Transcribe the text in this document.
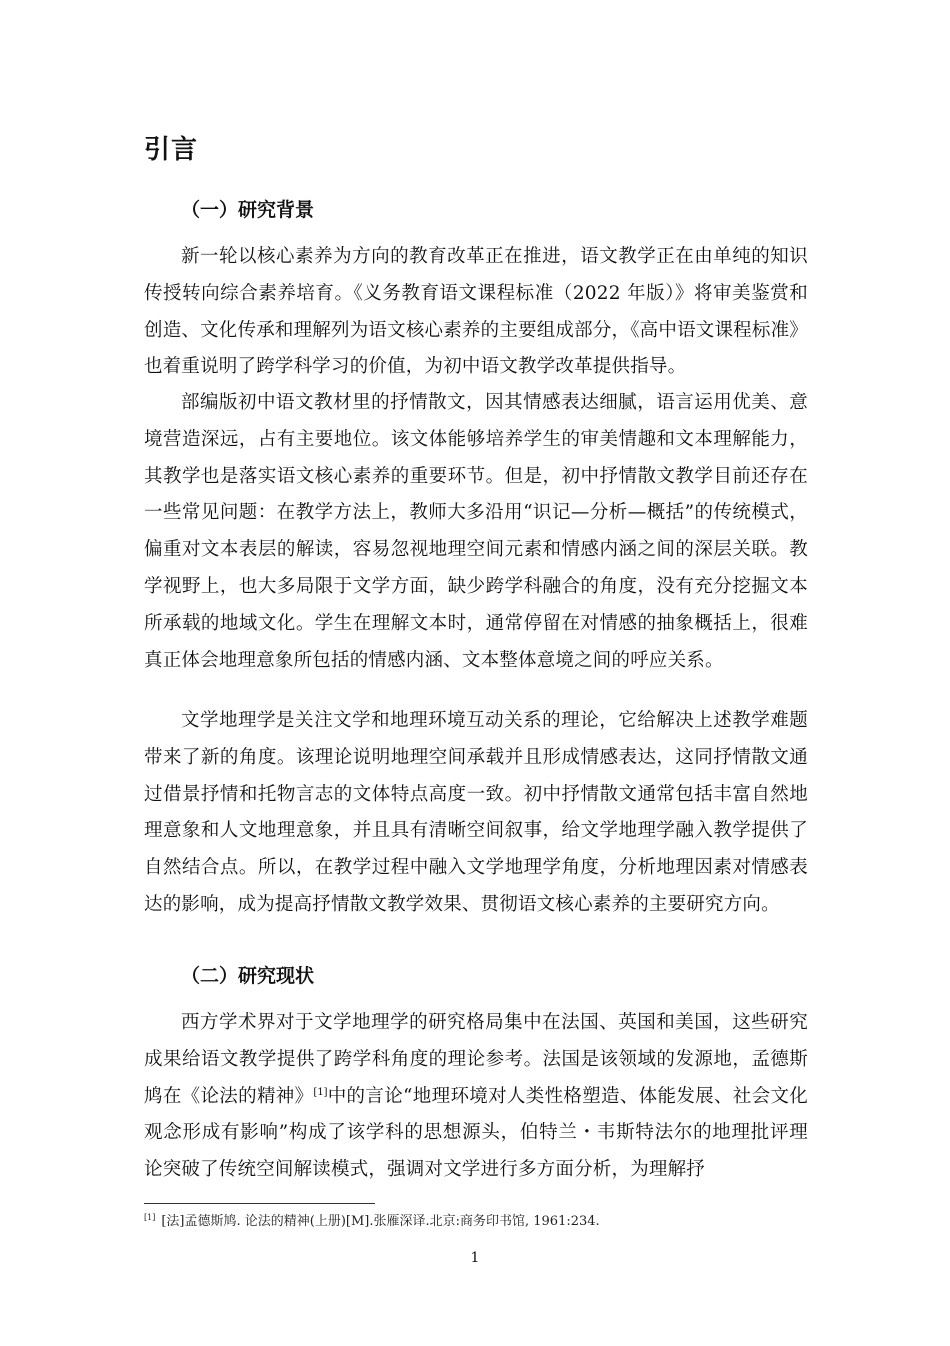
引言
（一）研究背景

新一轮以核心素养为方向的教育改革正在推进，语文教学正在由单纯的知识传授转向综合素养培育。《义务教育语文课程标准（2022 年版）》将审美鉴赏和创造、文化传承和理解列为语文核心素养的主要组成部分，《高中语文课程标准》也着重说明了跨学科学习的价值，为初中语文教学改革提供指导。

部编版初中语文教材里的抒情散文，因其情感表达细腻，语言运用优美、意境营造深远，占有主要地位。该文体能够培养学生的审美情趣和文本理解能力，其教学也是落实语文核心素养的重要环节。但是，初中抒情散文教学目前还存在一些常见问题：在教学方法上，教师大多沿用“识记—分析—概括”的传统模式，偏重对文本表层的解读，容易忽视地理空间元素和情感内涵之间的深层关联。教学视野上，也大多局限于文学方面，缺少跨学科融合的角度，没有充分挖掘文本所承载的地域文化。学生在理解文本时，通常停留在对情感的抽象概括上，很难真正体会地理意象所包括的情感内涵、文本整体意境之间的呼应关系。

文学地理学是关注文学和地理环境互动关系的理论，它给解决上述教学难题带来了新的角度。该理论说明地理空间承载并且形成情感表达，这同抒情散文通过借景抒情和托物言志的文体特点高度一致。初中抒情散文通常包括丰富自然地理意象和人文地理意象，并且具有清晰空间叙事，给文学地理学融入教学提供了自然结合点。所以，在教学过程中融入文学地理学角度，分析地理因素对情感表达的影响，成为提高抒情散文教学效果、贯彻语文核心素养的主要研究方向。

（二）研究现状

西方学术界对于文学地理学的研究格局集中在法国、英国和美国，这些研究成果给语文教学提供了跨学科角度的理论参考。法国是该领域的发源地，孟德斯鸠在《论法的精神》[1]中的言论“地理环境对人类性格塑造、体能发展、社会文化观念形成有影响”构成了该学科的思想源头，伯特兰・韦斯特法尔的地理批评理论突破了传统空间解读模式，强调对文学进行多方面分析，为理解抒

[1] [法]孟德斯鸠. 论法的精神(上册)[M].张雁深译.北京:商务印书馆, 1961:234.
1
